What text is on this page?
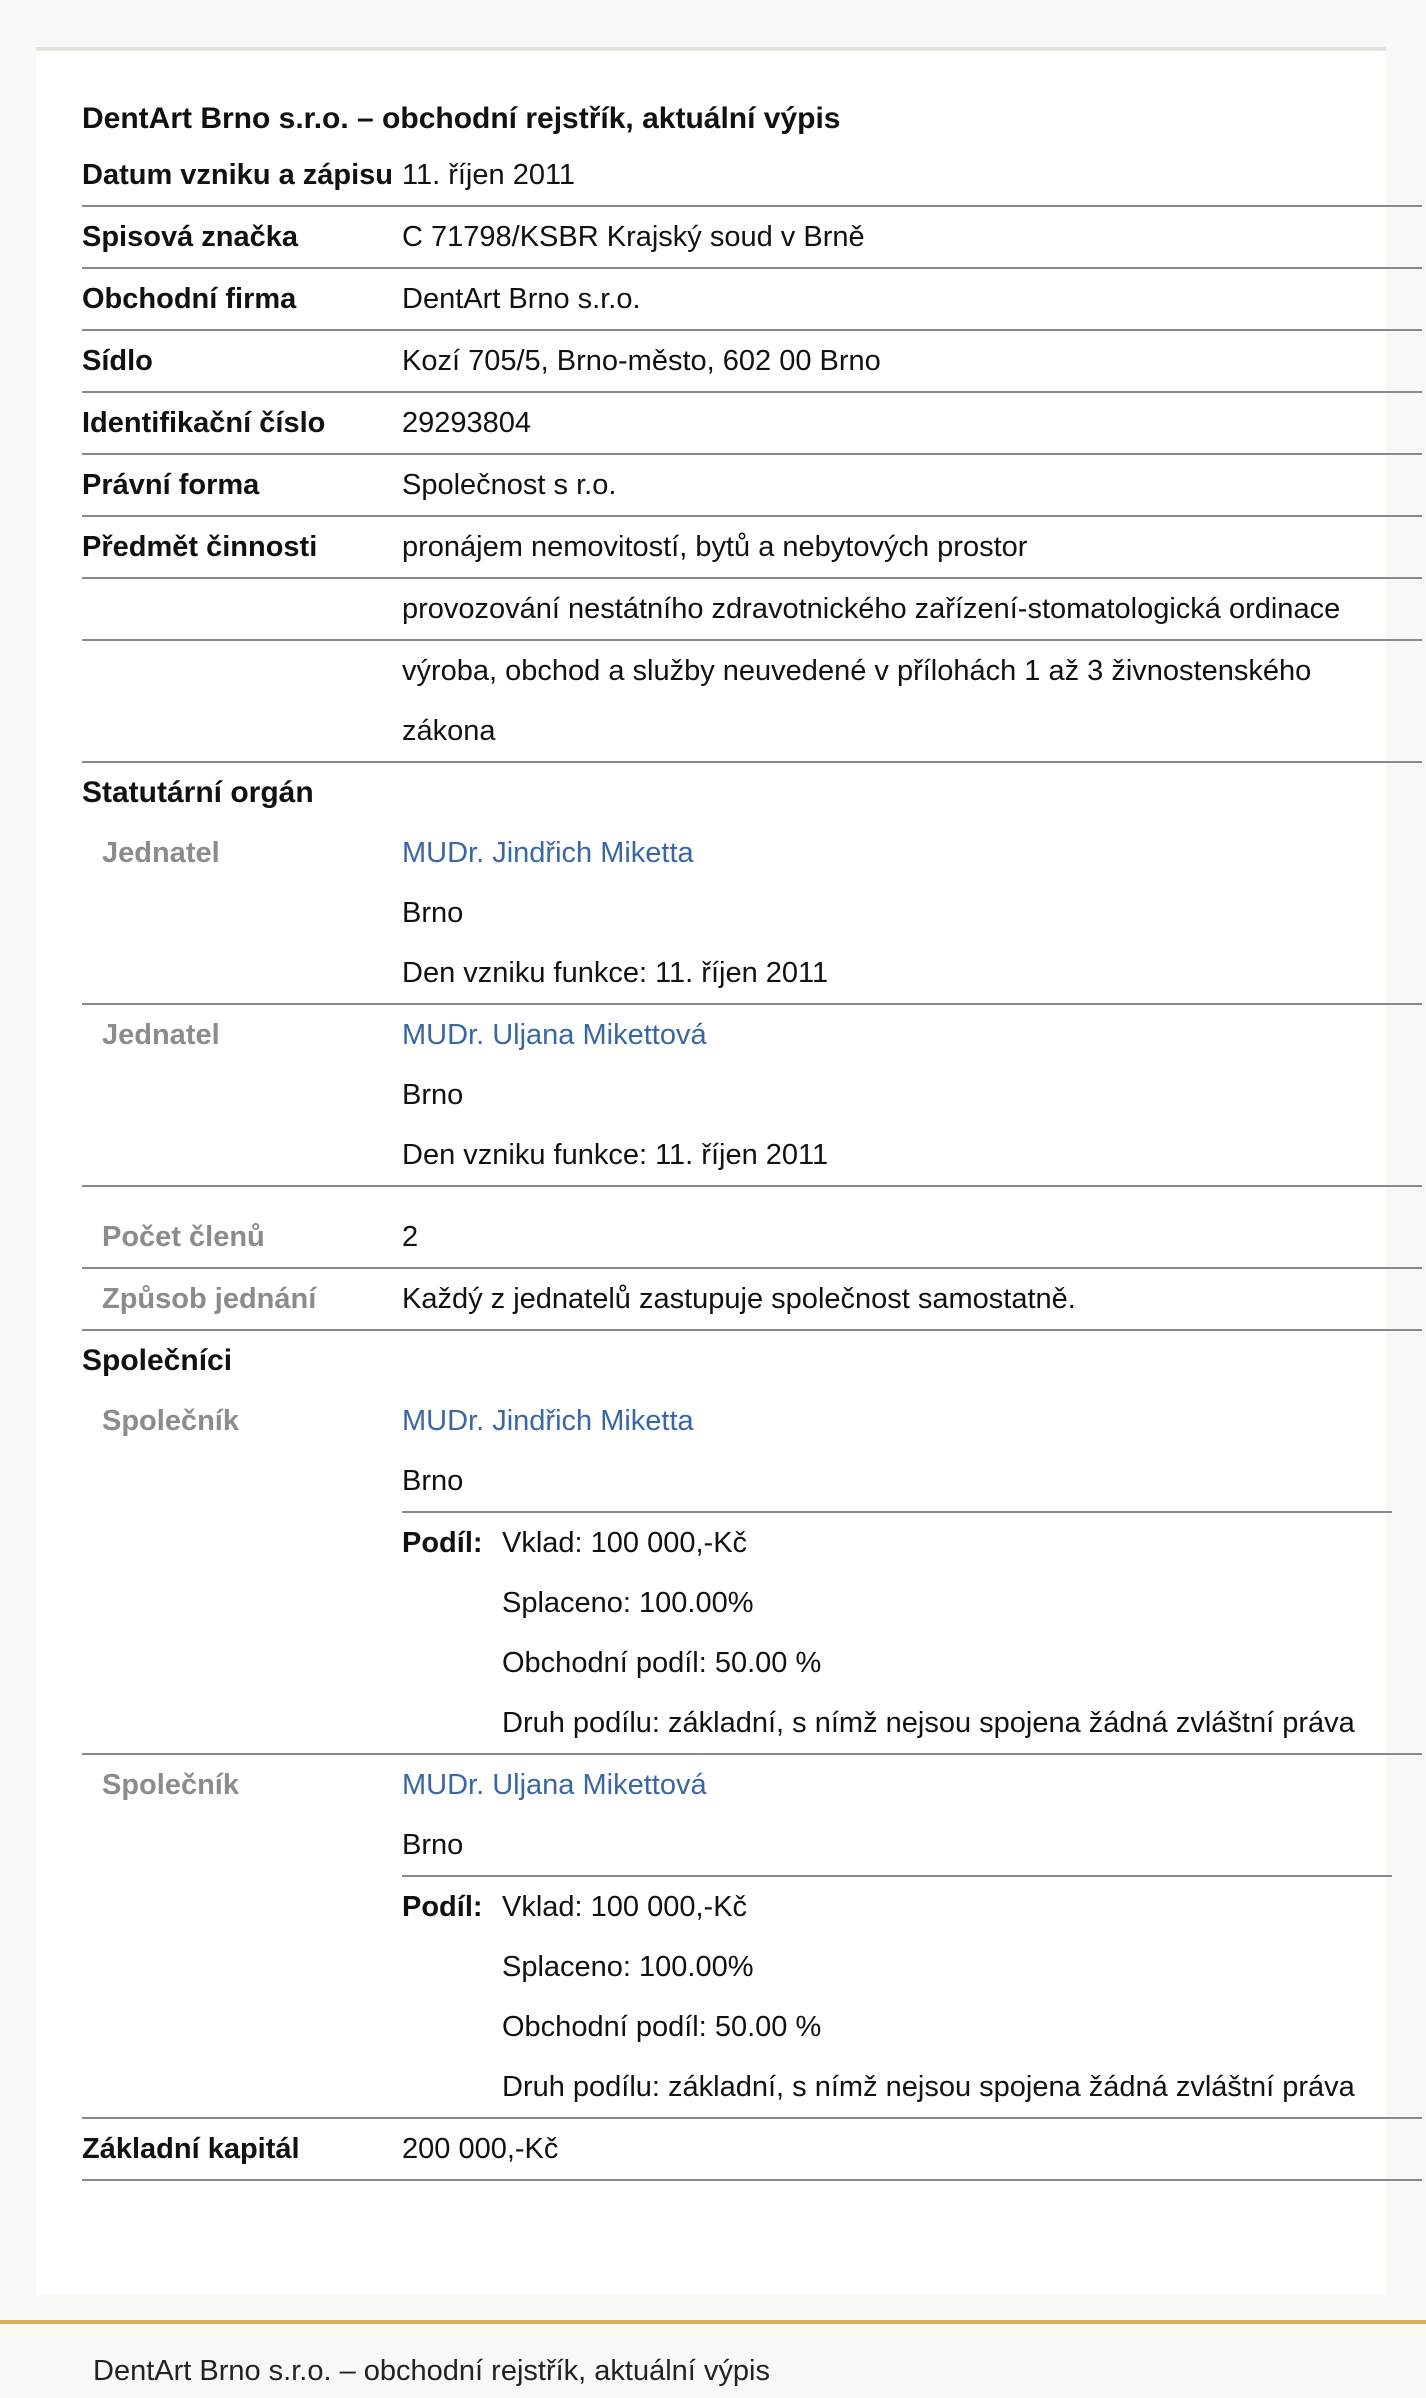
DentArt Brno s.r.o. – obchodní rejstřík, aktuální výpis
Datum vzniku a zápisu 11. říjen 2011
Spisová značka	C 71798/KSBR Krajský soud v Brně
Obchodní firma	DentArt Brno s.r.o.
Sídlo	Kozí 705/5, Brno-město, 602 00 Brno
Identifikační číslo	29293804
Právní forma	Společnost s r.o.
Předmět činnosti	pronájem nemovitostí, bytů a nebytových prostor
provozování nestátního zdravotnického zařízení-stomatologická ordinace
výroba, obchod a služby neuvedené v přílohách 1 až 3 živnostenského zákona
Statutární orgán
Jednatel	MUDr. Jindřich Miketta
Brno
Den vzniku funkce: 11. říjen 2011
Jednatel	MUDr. Uljana Mikettová
Brno
Den vzniku funkce: 11. říjen 2011
Počet členů	2
Způsob jednání	Každý z jednatelů zastupuje společnost samostatně.
Společníci
Společník	MUDr. Jindřich Miketta
Brno
Podíl: Vklad: 100 000,-Kč
Splaceno: 100.00%
Obchodní podíl: 50.00 %
Druh podílu: základní, s nímž nejsou spojena žádná zvláštní práva
Společník	MUDr. Uljana Mikettová
Brno
Podíl: Vklad: 100 000,-Kč
Splaceno: 100.00%
Obchodní podíl: 50.00 %
Druh podílu: základní, s nímž nejsou spojena žádná zvláštní práva
Základní kapitál	200 000,-Kč
DentArt Brno s.r.o. – obchodní rejstřík, aktuální výpis
